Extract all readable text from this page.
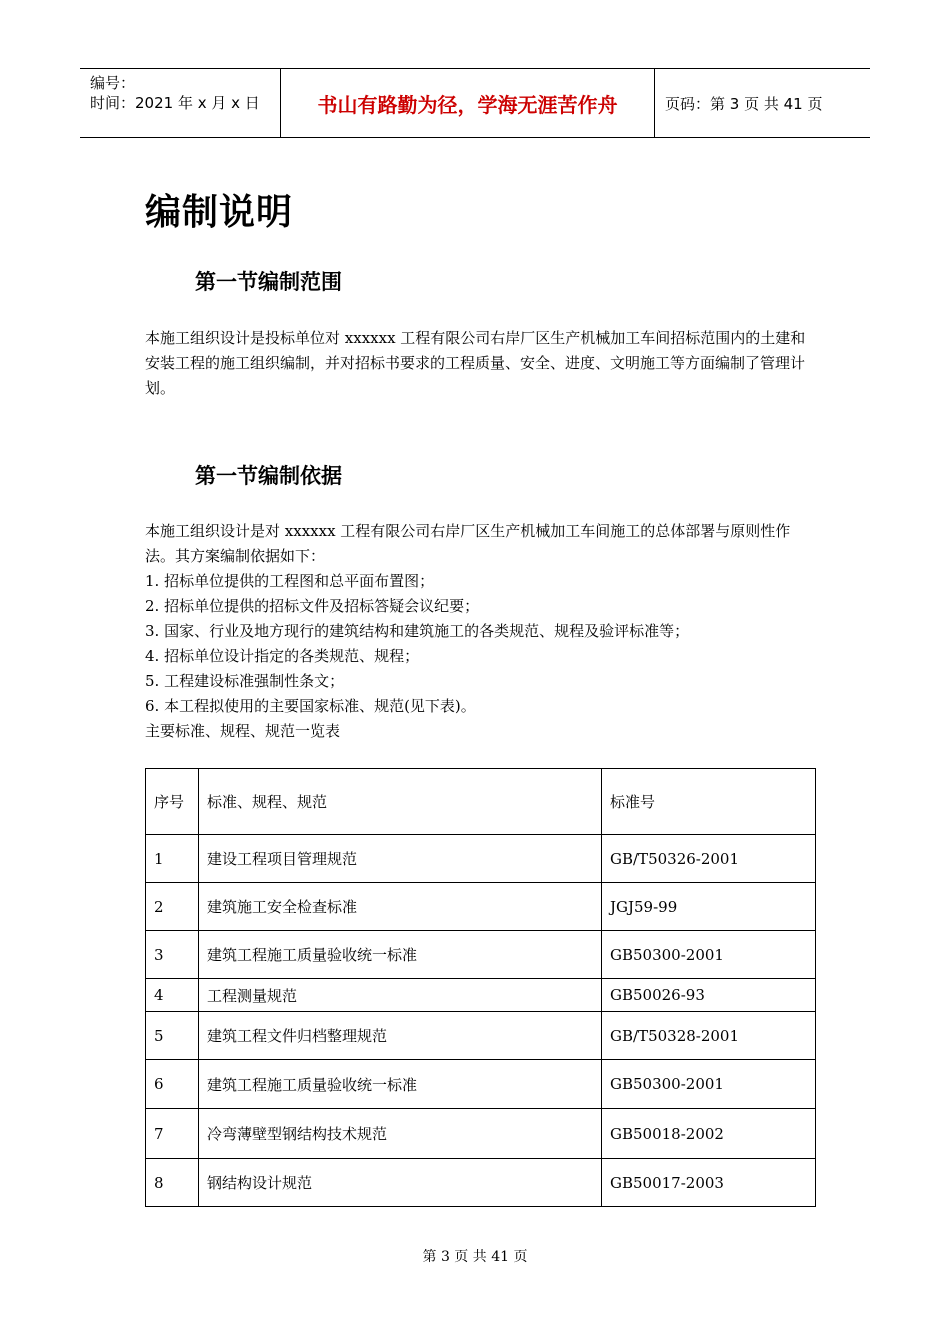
编号：
时间：2021 年 x 月 x 日	书山有路勤为径，学海无涯苦作舟	页码：第 3 页 共 41 页
编制说明
第一节编制范围
本施工组织设计是投标单位对 xxxxxx 工程有限公司右岸厂区生产机械加工车间招标范围内的土建和安装工程的施工组织编制，并对招标书要求的工程质量、安全、进度、文明施工等方面编制了管理计划。
第一节编制依据
本施工组织设计是对 xxxxxx 工程有限公司右岸厂区生产机械加工车间施工的总体部署与原则性作法。其方案编制依据如下：
1. 招标单位提供的工程图和总平面布置图；
2. 招标单位提供的招标文件及招标答疑会议纪要；
3. 国家、行业及地方现行的建筑结构和建筑施工的各类规范、规程及验评标准等；
4. 招标单位设计指定的各类规范、规程；
5. 工程建设标准强制性条文；
6. 本工程拟使用的主要国家标准、规范(见下表)。
主要标准、规程、规范一览表
序号	标准、规程、规范	标准号
1	建设工程项目管理规范	GB/T50326-2001
2	建筑施工安全检查标准	JGJ59-99
3	建筑工程施工质量验收统一标准	GB50300-2001
4	工程测量规范	GB50026-93
5	建筑工程文件归档整理规范	GB/T50328-2001
6	建筑工程施工质量验收统一标准	GB50300-2001
7	冷弯薄壁型钢结构技术规范	GB50018-2002
8	钢结构设计规范	GB50017-2003
第 3 页 共 41 页
